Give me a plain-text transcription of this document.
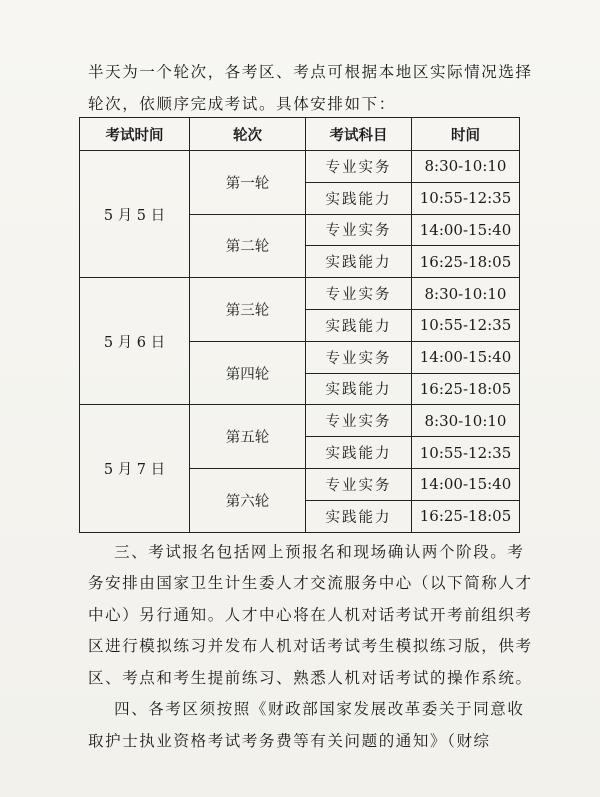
半天为一个轮次，各考区、考点可根据本地区实际情况选择
轮次，依顺序完成考试。具体安排如下：
考试时间	轮次	考试科目	时间
5 月 5 日	第一轮	专业实务	8:30-10:10
		实践能力	10:55-12:35
	第二轮	专业实务	14:00-15:40
		实践能力	16:25-18:05
5 月 6 日	第三轮	专业实务	8:30-10:10
		实践能力	10:55-12:35
	第四轮	专业实务	14:00-15:40
		实践能力	16:25-18:05
5 月 7 日	第五轮	专业实务	8:30-10:10
		实践能力	10:55-12:35
	第六轮	专业实务	14:00-15:40
		实践能力	16:25-18:05
三、考试报名包括网上预报名和现场确认两个阶段。考
务安排由国家卫生计生委人才交流服务中心（以下简称人才
中心）另行通知。人才中心将在人机对话考试开考前组织考
区进行模拟练习并发布人机对话考试考生模拟练习版，供考
区、考点和考生提前练习、熟悉人机对话考试的操作系统。
四、各考区须按照《财政部国家发展改革委关于同意收
取护士执业资格考试考务费等有关问题的通知》（财综
